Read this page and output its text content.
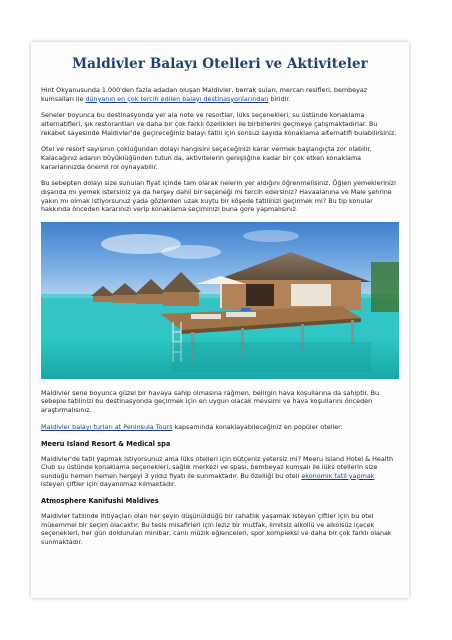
Maldivler Balayı Otelleri ve Aktiviteler

Hint Okyanusunda 1.000'den fazla adadan oluşan Maldivler, berrak suları, mercan resifleri, bembeyaz kumsalları ile dünyanın en çok tercih edilen balayı destinasyonlarından biridir.

Seneler boyunca bu destinasyonda yer ala note ve resortlar, lüks seçenekleri, su üstünde konaklama alternatifleri, şık restorantları ve daha bir çok farklı özellikleri ile birbirlerini geçmeye çalışmaktadırlar. Bu rekabet sayesinde Maldivler'de geçireceğiniz balayı tatili için sonsuz sayıda konaklama alternatifi bulabilirsiniz.

Otel ve resort sayısının çokluğundan dolayı hangisini seçeceğinizi karar vermek başlangıçta zor olabilir. Kalacağınız adanın büyüklüğünden tutun da, aktivitelerin genişliğine kadar bir çok etken konaklama kararlarınızda önemli rol oynayabilir.

Bu sebepten dolayı size sunulan fiyat içinde tam olarak nelerin yer aldığını öğrenmelisiniz. Öğlen yemeklerinizi dışarıda mı yemek istersiniz ya da herşey dahil bir seçeneği mi tercih edersiniz? Havaalanına ve Male şehrine yakın mı olmak istiyorsunuz yada gözlerden uzak kuytu bir köşede tatilinizi geçirmek mi? Bu tip konular hakkında önceden kararınızı verip konaklama seçiminizi buna gore yapmalısınız.

Maldivler sene boyunca güzel bir havaya sahip olmasına rağmen, belirgin hava koşullarına da sahiptir. Bu sebeple tatilinizi bu destinasyonda geçirmek için en uygun olacak mevsimi ve hava koşullarını önceden araştırmalısınız.

Maldivler balayı turları at Peninsula Tours kapsamında konaklayabileceğiniz en popüler oteller:

Meeru Island Resort & Medical spa

Maldivler'de tatil yapmak istiyorsunuz ama lüks otelleri için bütçeniz yetersiz mi? Meeru Island Hotel & Health Club su üstünde konaklama seçenekleri, sağlık merkezi ve spası, bembeyaz kumsalı ile lüks otellerin size sunduğu hemen hemen herşeyi 3 yıldız fiyatı ile sunmaktadır. Bu özelliği bu oteli ekonomik tatil yapmak isteyen çiftler için dayanılmaz kılmaktadır.

Atmosphere Kanifushi Maldives

Maldivler tatilinde ihtiyaçları olan her şeyin düşünüldüğü bir rahatlık yaşamak isteyen çiftler için bu otel mükemmel bir seçim olacaktır. Bu tesis misafirleri için leziz bir mutfak, limitsiz alkollü ve alkolsüz içecek seçenekleri, her gün doldurulan minibar, canlı müzik eğlenceleri, spor kompleksi ve daha bir çok farklı olanak sunmaktadır.
